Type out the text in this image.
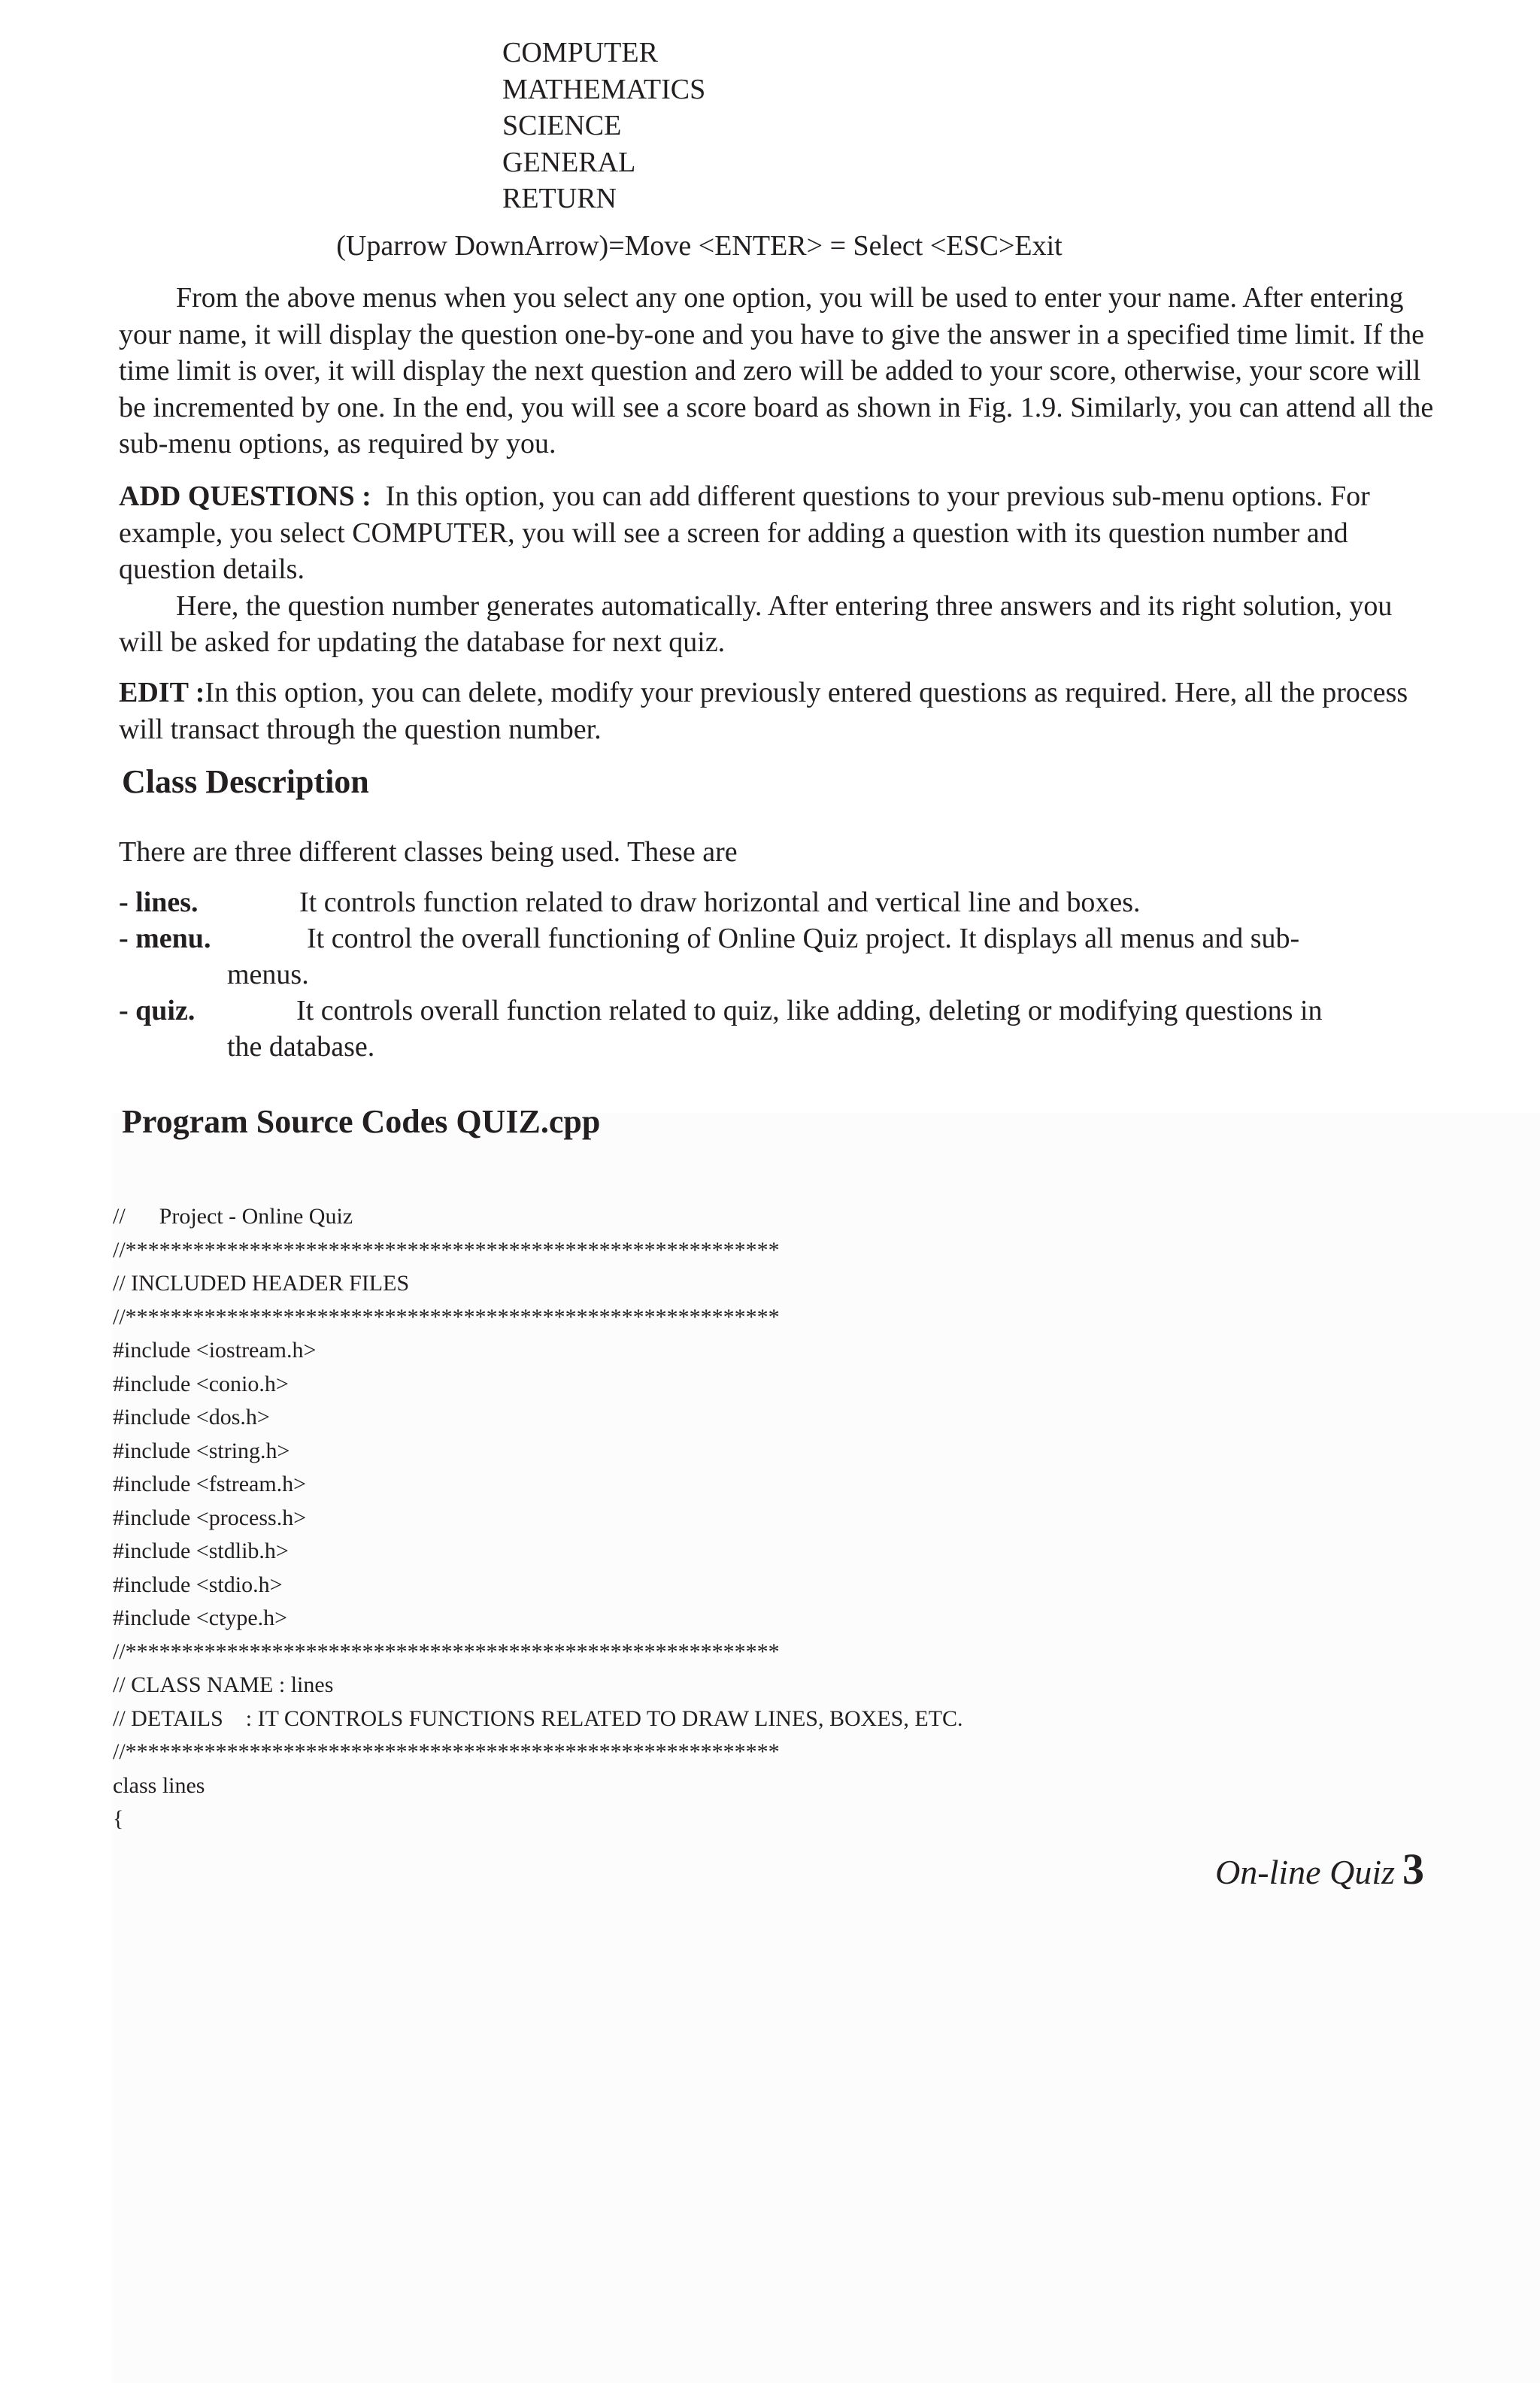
COMPUTER
MATHEMATICS
SCIENCE
GENERAL
RETURN
(Uparrow DownArrow)=Move <ENTER> = Select <ESC>Exit

From the above menus when you select any one option, you will be used to enter your name. After entering your name, it will display the question one-by-one and you have to give the answer in a specified time limit. If the time limit is over, it will display the next question and zero will be added to your score, otherwise, your score will be incremented by one. In the end, you will see a score board as shown in Fig. 1.9. Similarly, you can attend all the sub-menu options, as required by you.

ADD QUESTIONS : In this option, you can add different questions to your previous sub-menu options. For example, you select COMPUTER, you will see a screen for adding a question with its question number and question details.

Here, the question number generates automatically. After entering three answers and its right solution, you will be asked for updating the database for next quiz.

EDIT :In this option, you can delete, modify your previously entered questions as required. Here, all the process will transact through the question number.

Class Description
There are three different classes being used. These are
- lines.	It controls function related to draw horizontal and vertical line and boxes.
- menu.	It control the overall functioning of Online Quiz project. It displays all menus and sub-menus.
- quiz.	It controls overall function related to quiz, like adding, deleting or modifying questions in the database.
Program Source Codes QUIZ.cpp
//      Project - Online Quiz
//**********************************************************
// INCLUDED HEADER FILES
//**********************************************************
#include <iostream.h>
#include <conio.h>
#include <dos.h>
#include <string.h>
#include <fstream.h>
#include <process.h>
#include <stdlib.h>
#include <stdio.h>
#include <ctype.h>
//**********************************************************
// CLASS NAME : lines
// DETAILS    : IT CONTROLS FUNCTIONS RELATED TO DRAW LINES, BOXES, ETC.
//**********************************************************
class lines
{
On-line Quiz 3
